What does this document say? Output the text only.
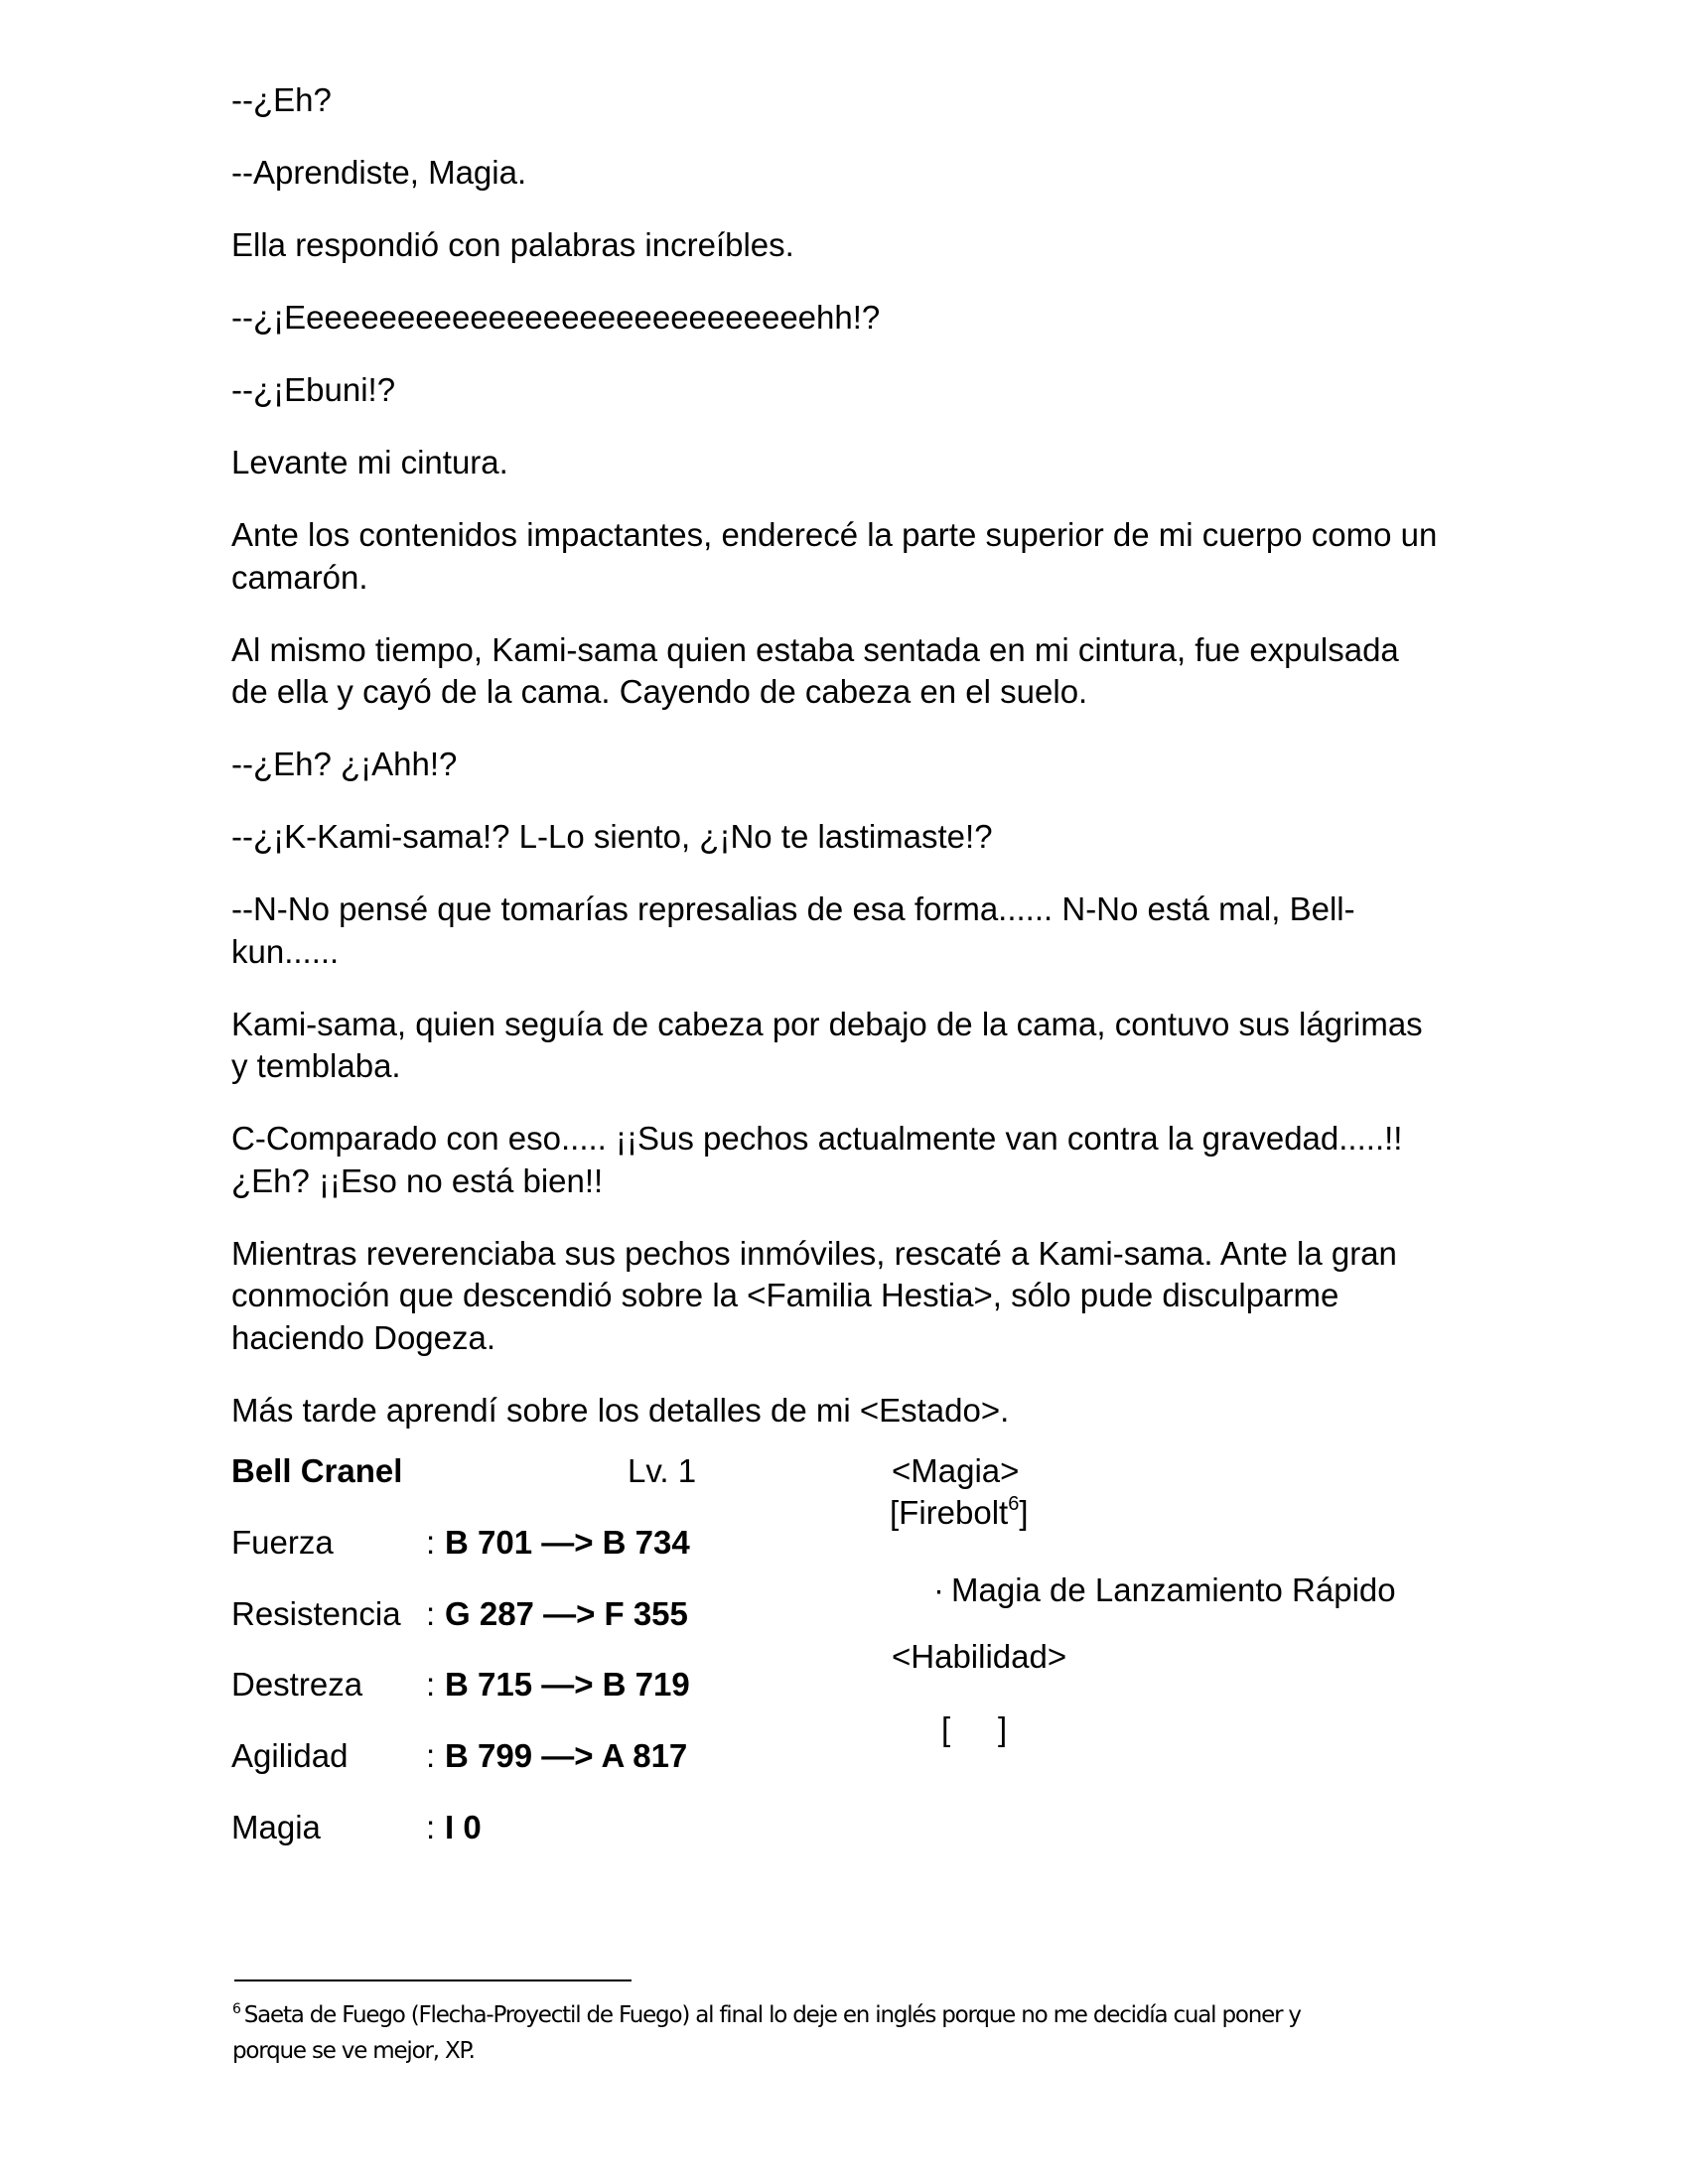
--¿Eh?

--Aprendiste, Magia.

Ella respondió con palabras increíbles.

--¿¡Eeeeeeeeeeeeeeeeeeeeeeeeeeeeehh!?

--¿¡Ebuni!?

Levante mi cintura.

Ante los contenidos impactantes, enderecé la parte superior de mi cuerpo como un
camarón.

Al mismo tiempo, Kami-sama quien estaba sentada en mi cintura, fue expulsada
de ella y cayó de la cama. Cayendo de cabeza en el suelo.

--¿Eh? ¿¡Ahh!?

--¿¡K-Kami-sama!? L-Lo siento, ¿¡No te lastimaste!?

--N-No pensé que tomarías represalias de esa forma...... N-No está mal, Bell-
kun......

Kami-sama, quien seguía de cabeza por debajo de la cama, contuvo sus lágrimas
y temblaba.

C-Comparado con eso..... ¡¡Sus pechos actualmente van contra la gravedad.....!!
¿Eh? ¡¡Eso no está bien!!

Mientras reverenciaba sus pechos inmóviles, rescaté a Kami-sama. Ante la gran
conmoción que descendió sobre la <Familia Hestia>, sólo pude disculparme
haciendo Dogeza.

Más tarde aprendí sobre los detalles de mi <Estado>.

Bell Cranel	Lv. 1
Fuerza	: B 701 —> B 734
Resistencia : G 287 —> F 355
Destreza : B 715 —> B 719
Agilidad : B 799 —> A 817
Magia	: I 0
<Magia>
[Firebolt$^6$]
· Magia de Lanzamiento Rápido
<Habilidad>
[ ]
$^6$ Saeta de Fuego (Flecha-Proyectil de Fuego) al final lo deje en inglés porque no me decidía cual poner y
porque se ve mejor, XP.
